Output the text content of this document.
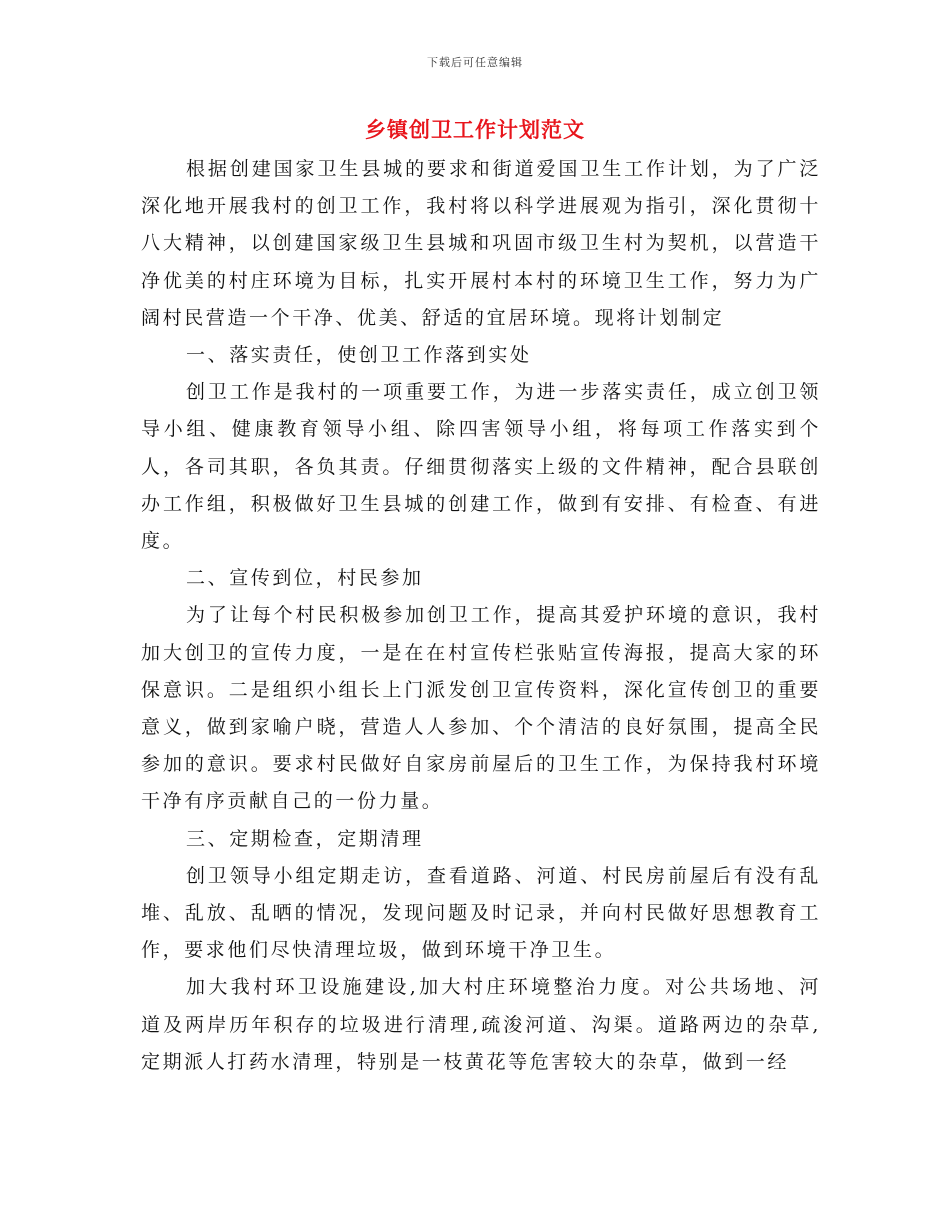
下载后可任意编辑
乡镇创卫工作计划范文

根据创建国家卫生县城的要求和街道爱国卫生工作计划，为了广泛深化地开展我村的创卫工作，我村将以科学进展观为指引，深化贯彻十八大精神，以创建国家级卫生县城和巩固市级卫生村为契机，以营造干净优美的村庄环境为目标，扎实开展村本村的环境卫生工作，努力为广阔村民营造一个干净、优美、舒适的宜居环境。现将计划制定

一、落实责任，使创卫工作落到实处

创卫工作是我村的一项重要工作，为进一步落实责任，成立创卫领导小组、健康教育领导小组、除四害领导小组，将每项工作落实到个人，各司其职，各负其责。仔细贯彻落实上级的文件精神，配合县联创办工作组，积极做好卫生县城的创建工作，做到有安排、有检查、有进度。

二、宣传到位，村民参加

为了让每个村民积极参加创卫工作，提高其爱护环境的意识，我村加大创卫的宣传力度，一是在在村宣传栏张贴宣传海报，提高大家的环保意识。二是组织小组长上门派发创卫宣传资料，深化宣传创卫的重要意义，做到家喻户晓，营造人人参加、个个清洁的良好氛围，提高全民参加的意识。要求村民做好自家房前屋后的卫生工作，为保持我村环境干净有序贡献自己的一份力量。

三、定期检查，定期清理

创卫领导小组定期走访，查看道路、河道、村民房前屋后有没有乱堆、乱放、乱晒的情况，发现问题及时记录，并向村民做好思想教育工作，要求他们尽快清理垃圾，做到环境干净卫生。

加大我村环卫设施建设,加大村庄环境整治力度。对公共场地、河道及两岸历年积存的垃圾进行清理,疏浚河道、沟渠。道路两边的杂草,定期派人打药水清理，特别是一枝黄花等危害较大的杂草，做到一经
